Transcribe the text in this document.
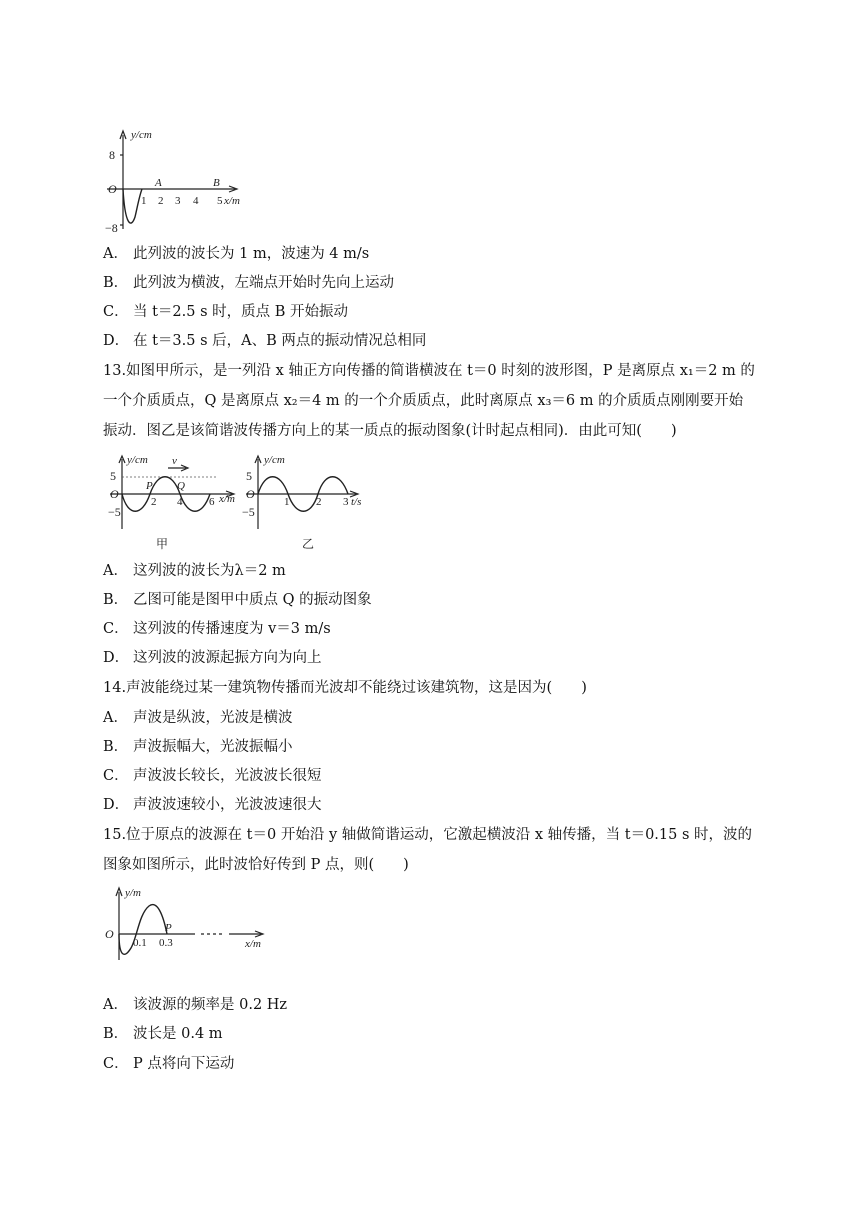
y/cm
8
−8
O
1 2 3 4 5 x/m
A	B
A． 此列波的波长为 1 m，波速为 4 m/s
B． 此列波为横波，左端点开始时先向上运动
C． 当 t＝2.5 s 时，质点 B 开始振动
D． 在 t＝3.5 s 后，A、B 两点的振动情况总相同
13.如图甲所示，是一列沿 x 轴正方向传播的简谐横波在 t＝0 时刻的波形图，P 是离原点 x₁＝2 m 的
一个介质质点，Q 是离原点 x₂＝4 m 的一个介质质点，此时离原点 x₃＝6 m 的介质质点刚刚要开始
振动．图乙是该简谐波传播方向上的某一质点的振动图象(计时起点相同)．由此可知(　　)
v
y/cm
5
−5
O
P Q
2 4 6 x/m
甲
y/cm
5
−5
O
1 2 3 t/s
乙
A． 这列波的波长为λ＝2 m
B． 乙图可能是图甲中质点 Q 的振动图象
C． 这列波的传播速度为 v＝3 m/s
D． 这列波的波源起振方向为向上
14.声波能绕过某一建筑物传播而光波却不能绕过该建筑物，这是因为(　　)
A． 声波是纵波，光波是横波
B． 声波振幅大，光波振幅小
C． 声波波长较长，光波波长很短
D． 声波波速较小，光波波速很大
15.位于原点的波源在 t＝0 开始沿 y 轴做简谐运动，它激起横波沿 x 轴传播，当 t＝0.15 s 时，波的
图象如图所示，此时波恰好传到 P 点，则(　　)
y/m
O
0.1 0.3
P
x/m
A． 该波源的频率是 0.2 Hz
B． 波长是 0.4 m
C． P 点将向下运动
